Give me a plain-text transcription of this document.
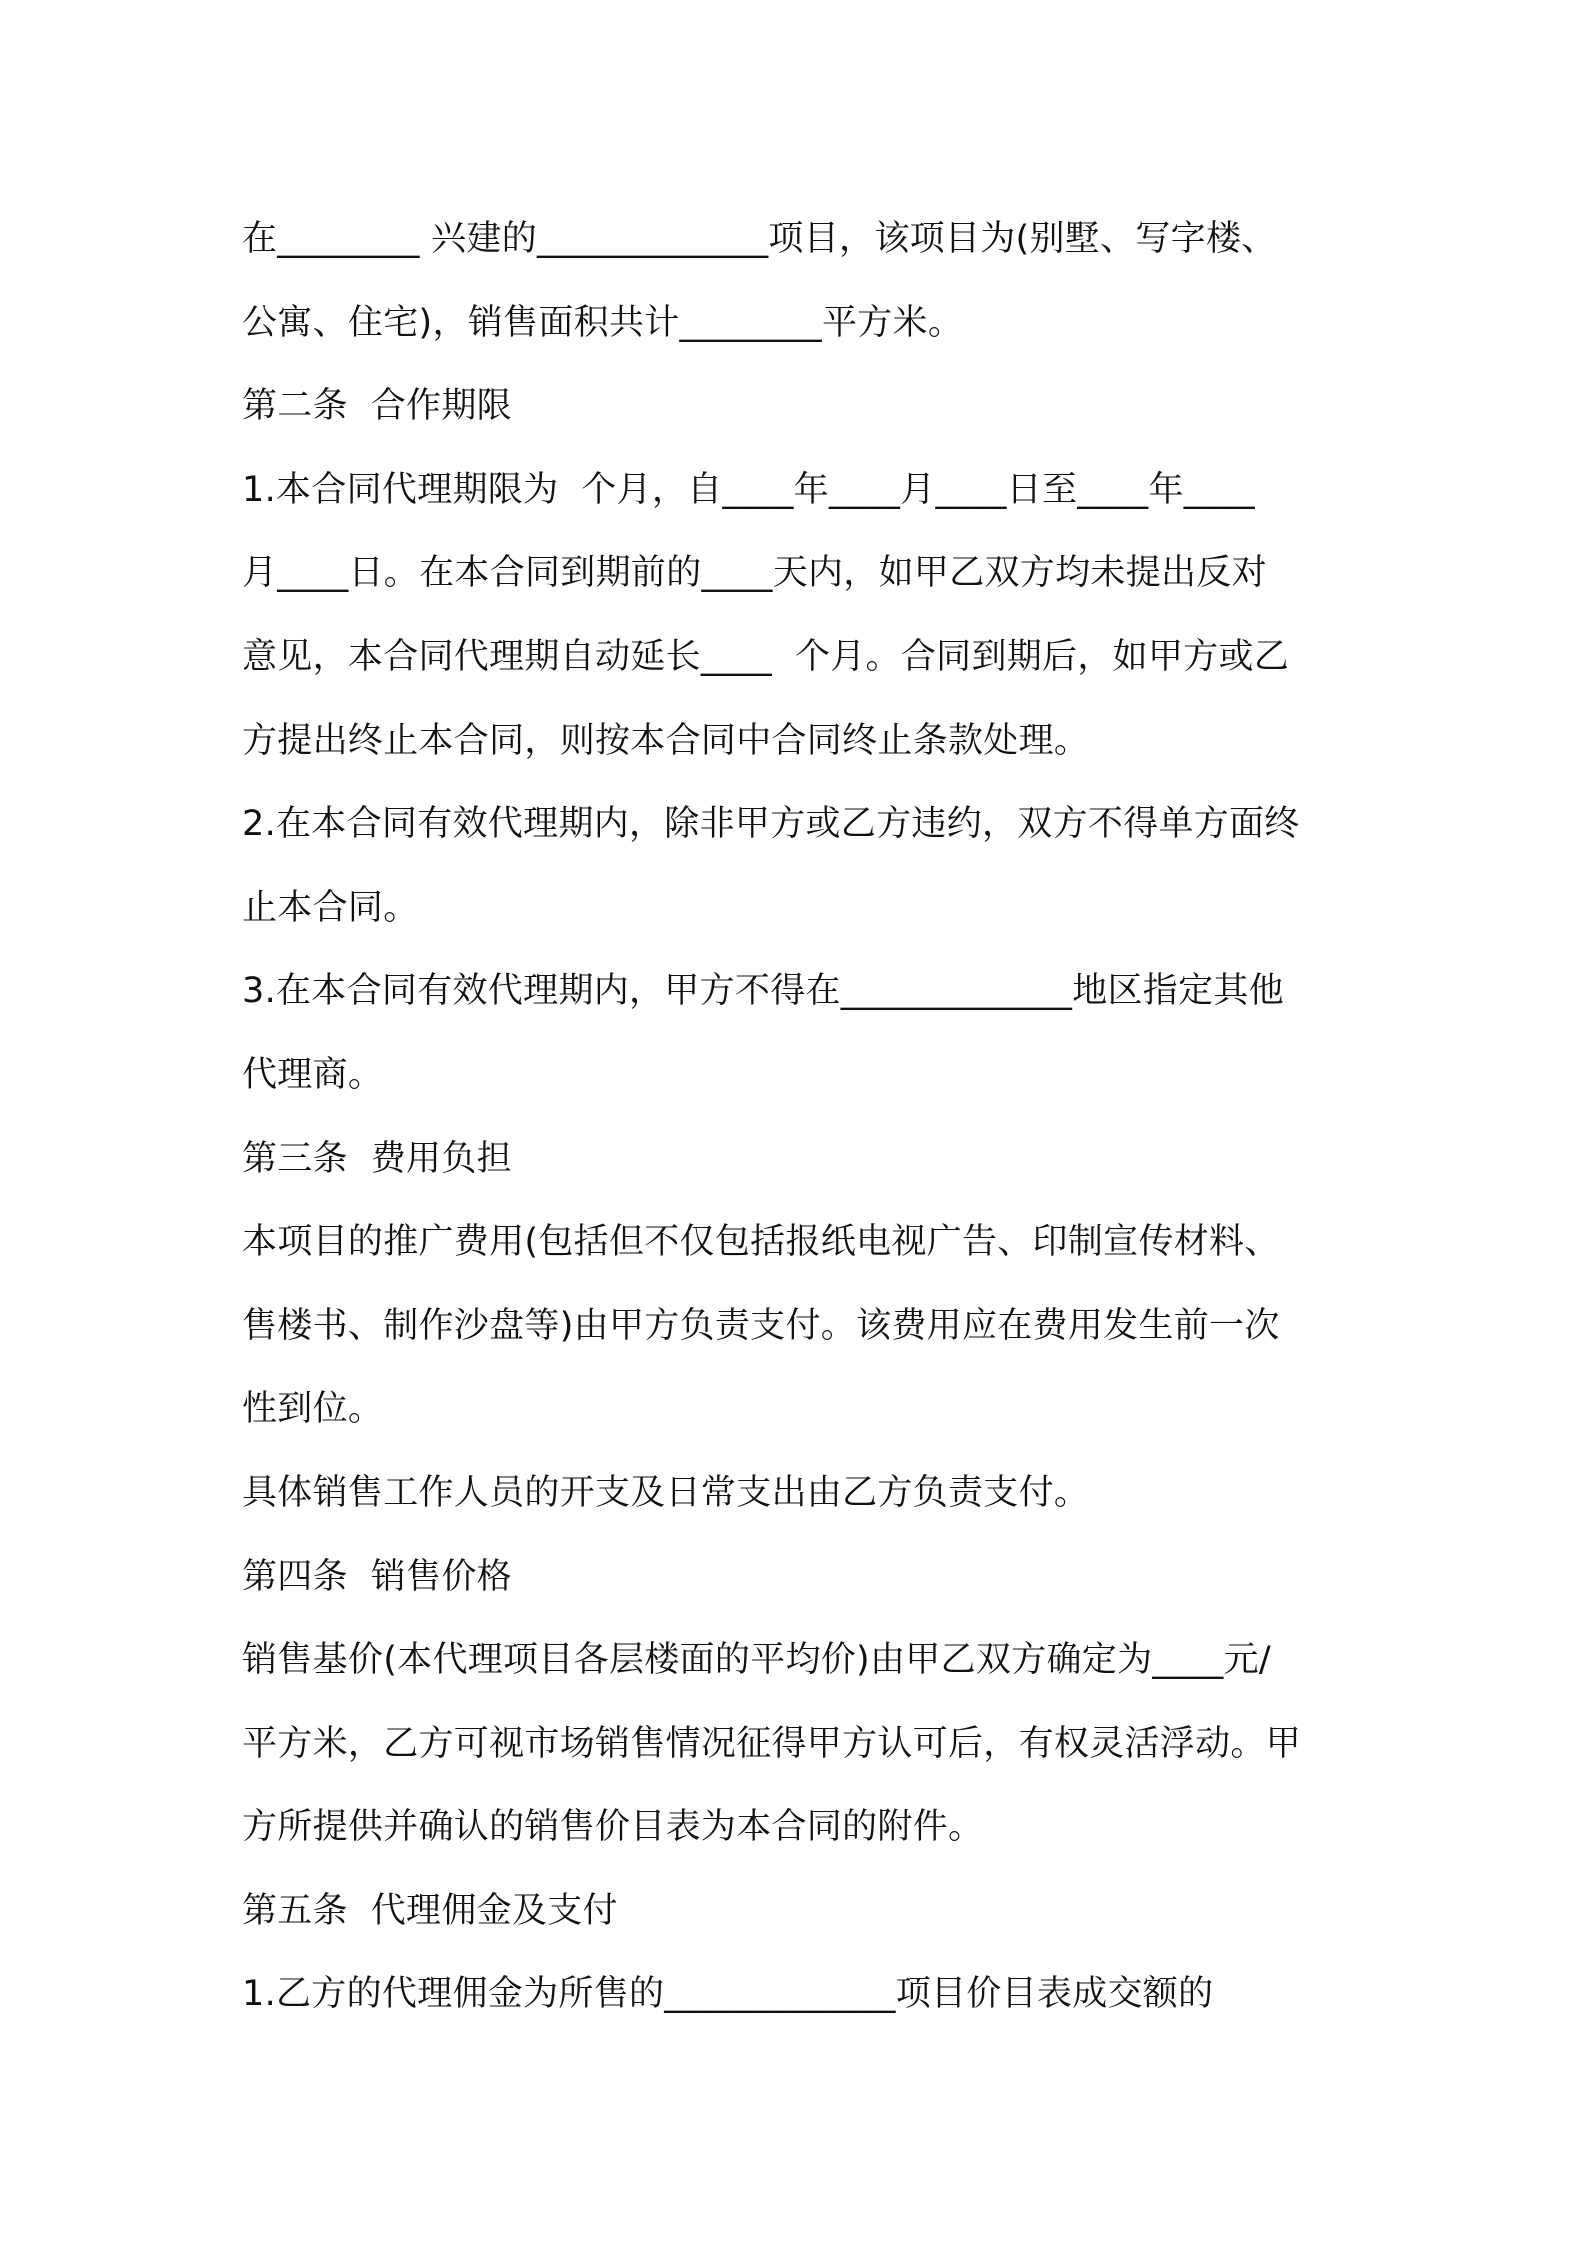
在________ 兴建的_____________项目，该项目为(别墅、写字楼、
公寓、住宅)，销售面积共计________平方米。
第二条  合作期限
1.本合同代理期限为  个月，自____年____月____日至____年____
月____日。在本合同到期前的____天内，如甲乙双方均未提出反对
意见，本合同代理期自动延长____  个月。合同到期后，如甲方或乙
方提出终止本合同，则按本合同中合同终止条款处理。
2.在本合同有效代理期内，除非甲方或乙方违约，双方不得单方面终
止本合同。
3.在本合同有效代理期内，甲方不得在_____________地区指定其他
代理商。
第三条  费用负担
本项目的推广费用(包括但不仅包括报纸电视广告、印制宣传材料、
售楼书、制作沙盘等)由甲方负责支付。该费用应在费用发生前一次
性到位。
具体销售工作人员的开支及日常支出由乙方负责支付。
第四条  销售价格
销售基价(本代理项目各层楼面的平均价)由甲乙双方确定为____元/
平方米，乙方可视市场销售情况征得甲方认可后，有权灵活浮动。甲
方所提供并确认的销售价目表为本合同的附件。
第五条  代理佣金及支付
1.乙方的代理佣金为所售的_____________项目价目表成交额的
